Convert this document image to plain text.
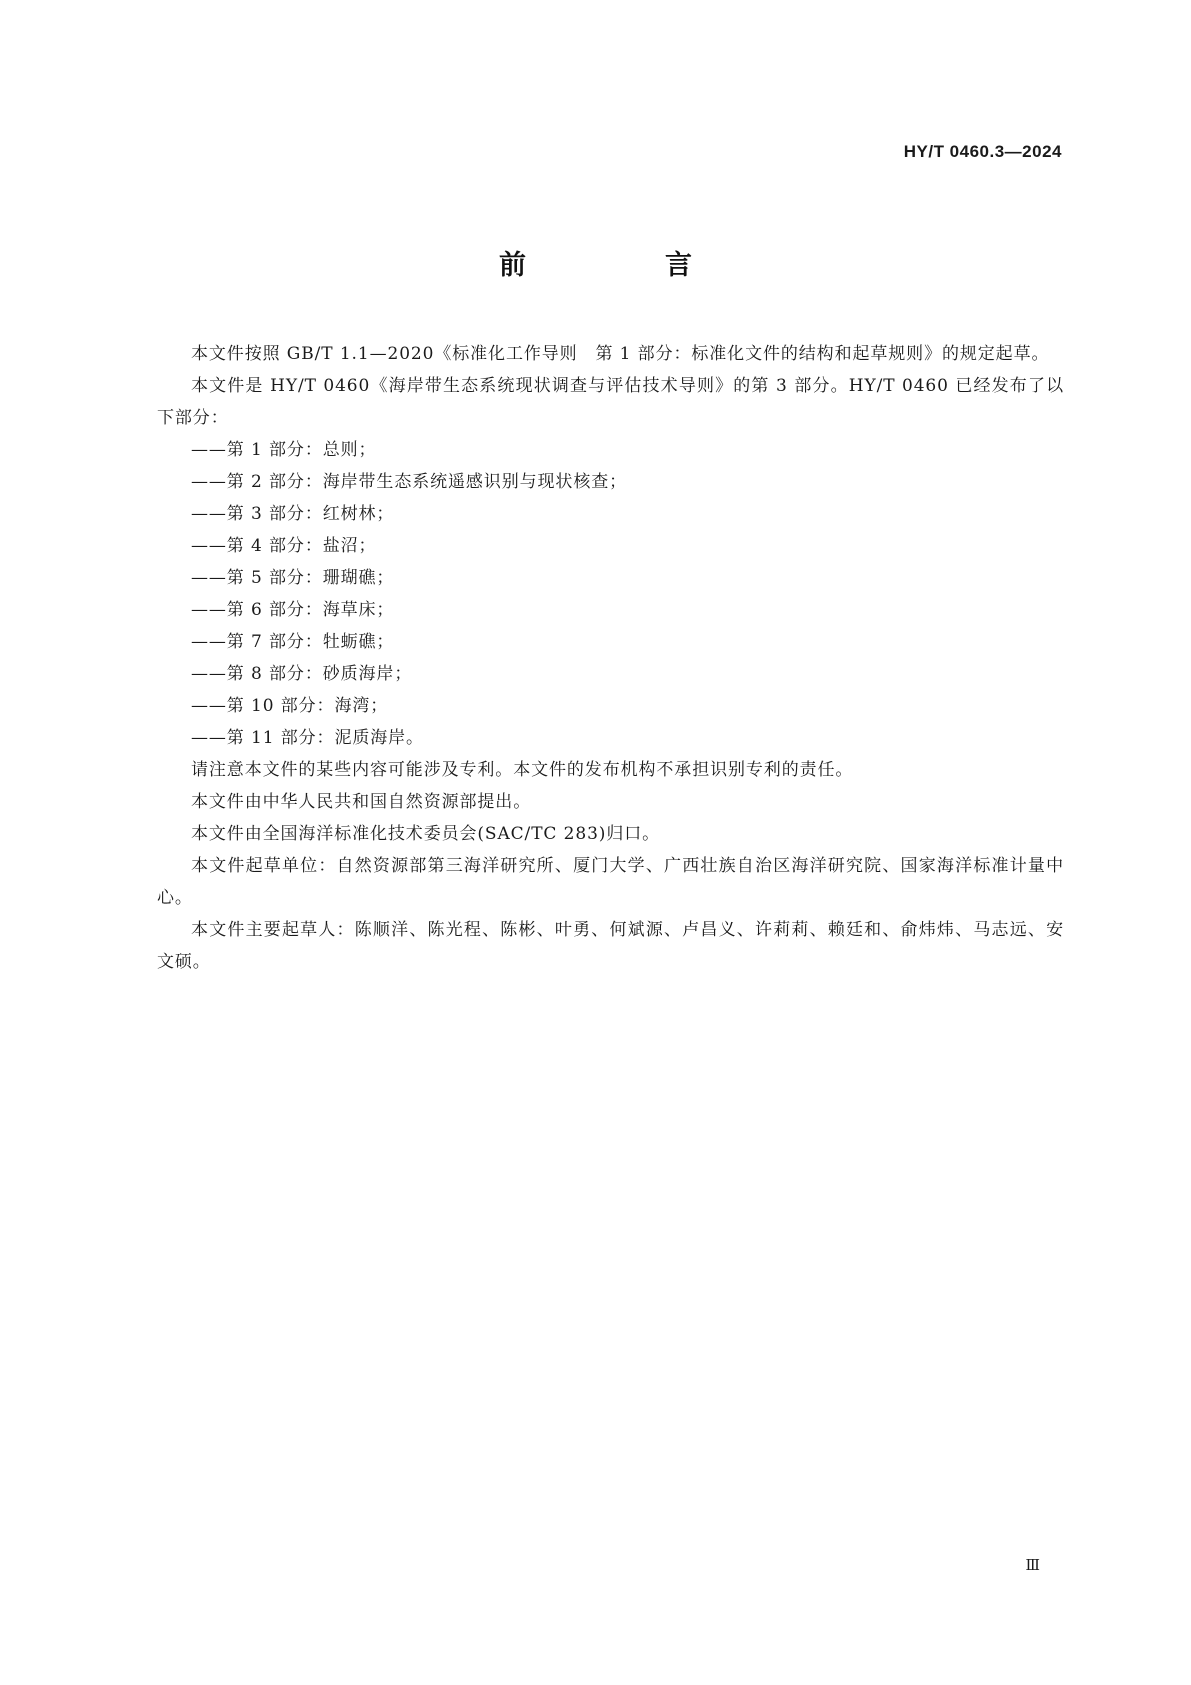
HY/T 0460.3—2024
前　言

本文件按照 GB/T 1.1—2020《标准化工作导则　第 1 部分：标准化文件的结构和起草规则》的规定起草。

本文件是 HY/T 0460《海岸带生态系统现状调查与评估技术导则》的第 3 部分。HY/T 0460 已经发布了以下部分：

——第 1 部分：总则；
——第 2 部分：海岸带生态系统遥感识别与现状核查；
——第 3 部分：红树林；
——第 4 部分：盐沼；
——第 5 部分：珊瑚礁；
——第 6 部分：海草床；
——第 7 部分：牡蛎礁；
——第 8 部分：砂质海岸；
——第 10 部分：海湾；
——第 11 部分：泥质海岸。

请注意本文件的某些内容可能涉及专利。本文件的发布机构不承担识别专利的责任。

本文件由中华人民共和国自然资源部提出。

本文件由全国海洋标准化技术委员会(SAC/TC 283)归口。

本文件起草单位：自然资源部第三海洋研究所、厦门大学、广西壮族自治区海洋研究院、国家海洋标准计量中心。

本文件主要起草人：陈顺洋、陈光程、陈彬、叶勇、何斌源、卢昌义、许莉莉、赖廷和、俞炜炜、马志远、安文硕。

Ⅲ
